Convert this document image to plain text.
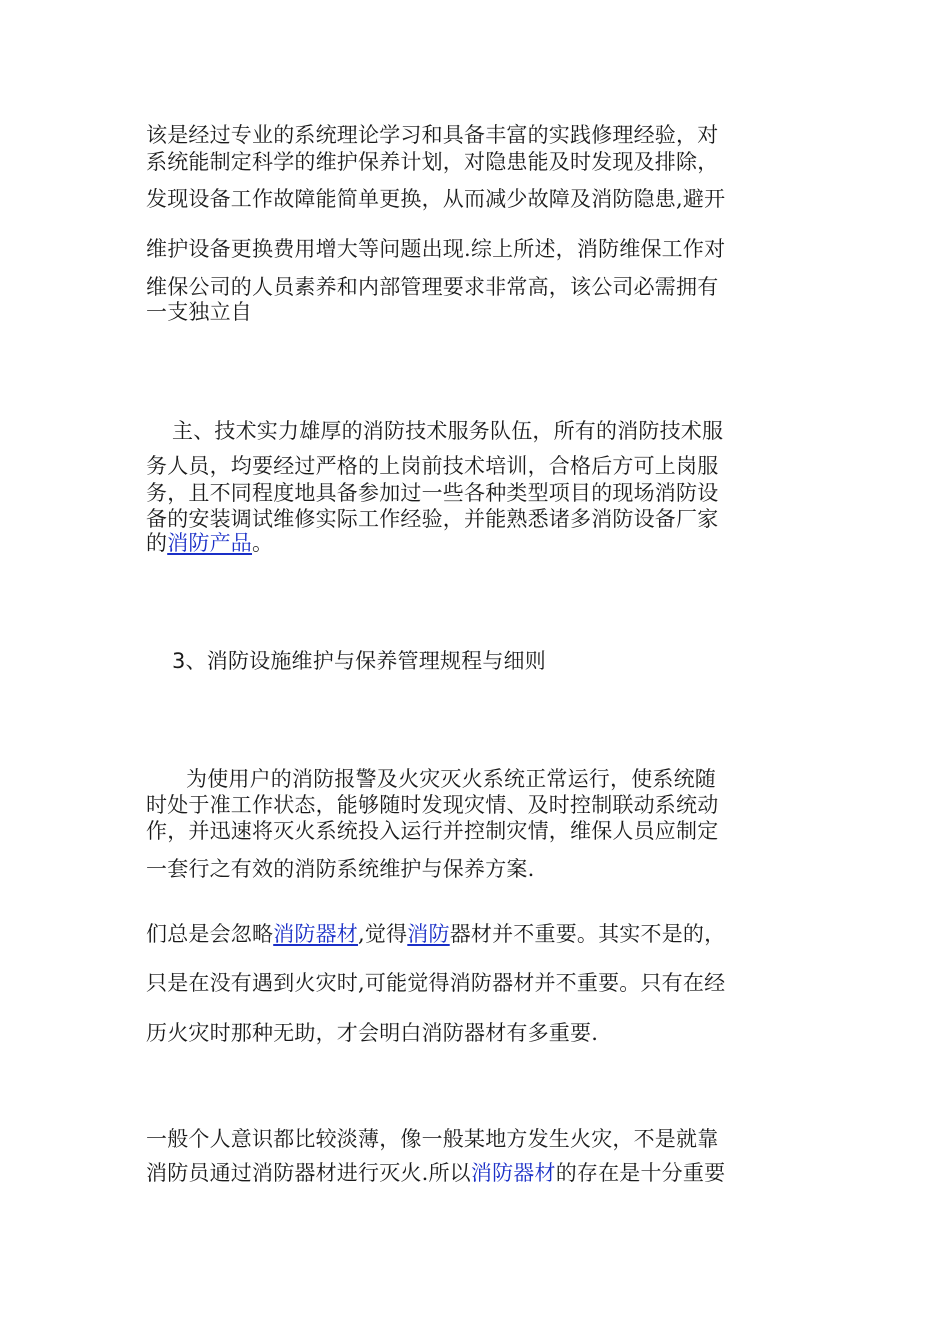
该是经过专业的系统理论学习和具备丰富的实践修理经验，对
系统能制定科学的维护保养计划，对隐患能及时发现及排除，
发现设备工作故障能简单更换，从而减少故障及消防隐患,避开
维护设备更换费用增大等问题出现.综上所述，消防维保工作对
维保公司的人员素养和内部管理要求非常高，该公司必需拥有
一支独立自
主、技术实力雄厚的消防技术服务队伍，所有的消防技术服
务人员，均要经过严格的上岗前技术培训，合格后方可上岗服
务，且不同程度地具备参加过一些各种类型项目的现场消防设
备的安装调试维修实际工作经验，并能熟悉诸多消防设备厂家
的消防产品。
3、消防设施维护与保养管理规程与细则
为使用户的消防报警及火灾灭火系统正常运行，使系统随
时处于准工作状态，能够随时发现灾情、及时控制联动系统动
作，并迅速将灭火系统投入运行并控制灾情，维保人员应制定
一套行之有效的消防系统维护与保养方案.
们总是会忽略消防器材,觉得消防器材并不重要。其实不是的，
只是在没有遇到火灾时,可能觉得消防器材并不重要。只有在经
历火灾时那种无助，才会明白消防器材有多重要.
一般个人意识都比较淡薄，像一般某地方发生火灾，不是就靠
消防员通过消防器材进行灭火.所以消防器材的存在是十分重要
